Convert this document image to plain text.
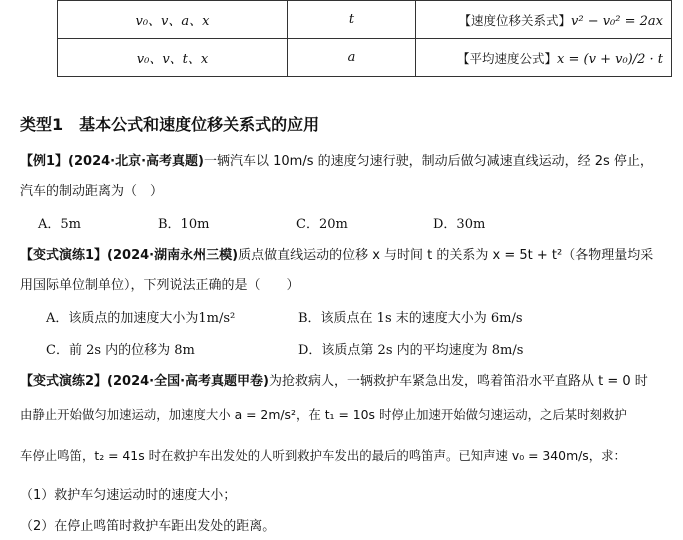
v₀、v、a、x	t	【速度位移关系式】v² − v₀² = 2ax
v₀、v、t、x	a	【平均速度公式】x = (v + v₀)/2 · t
类型1　基本公式和速度位移关系式的应用
【例1】(2024·北京·高考真题)一辆汽车以 10m/s 的速度匀速行驶，制动后做匀减速直线运动，经 2s 停止，
汽车的制动距离为（　）
A．5m	B．10m	C．20m	D．30m
【变式演练1】(2024·湖南永州三模)质点做直线运动的位移 x 与时间 t 的关系为 x = 5t + t²（各物理量均采
用国际单位制单位），下列说法正确的是（　　）
A．该质点的加速度大小为1m/s²	B．该质点在 1s 末的速度大小为 6m/s
C．前 2s 内的位移为 8m	D．该质点第 2s 内的平均速度为 8m/s
【变式演练2】(2024·全国·高考真题甲卷)为抢救病人，一辆救护车紧急出发，鸣着笛沿水平直路从 t = 0 时
由静止开始做匀加速运动，加速度大小 a = 2m/s²，在 t₁ = 10s 时停止加速开始做匀速运动，之后某时刻救护
车停止鸣笛，t₂ = 41s 时在救护车出发处的人听到救护车发出的最后的鸣笛声。已知声速 v₀ = 340m/s，求：
（1）救护车匀速运动时的速度大小；
（2）在停止鸣笛时救护车距出发处的距离。
